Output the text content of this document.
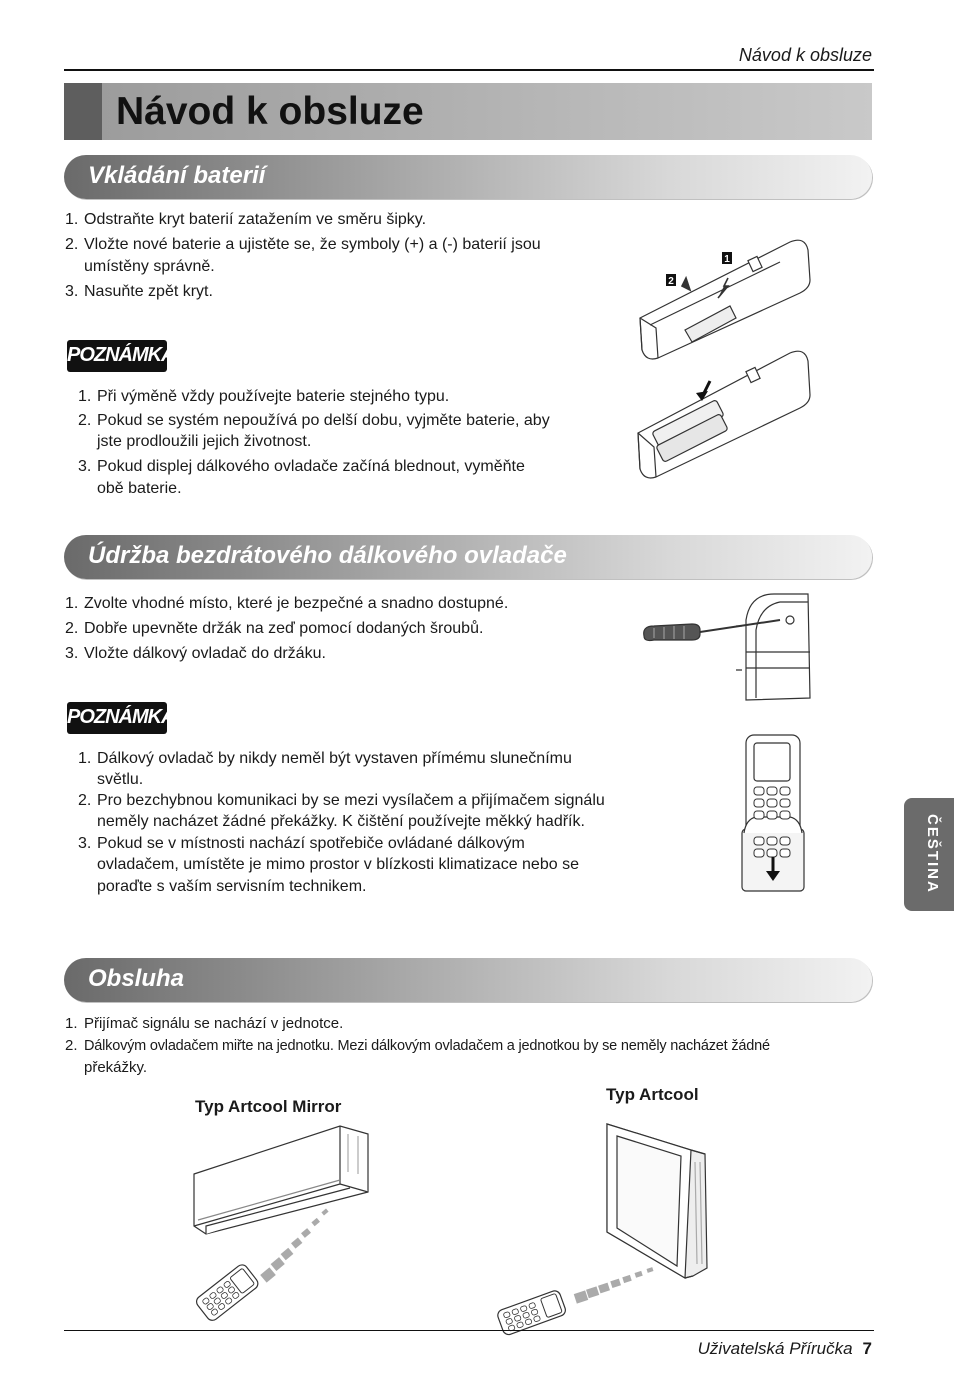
Návod k obsluze
Návod k obsluze
Vkládání baterií
1. Odstraňte kryt baterií zatažením ve směru šipky.
2. Vložte nové baterie a ujistěte se, že symboly (+) a (-) baterií jsou
umístěny správně.
3. Nasuňte zpět kryt.
POZNÁMKA
1. Při výměně vždy používejte baterie stejného typu.
2. Pokud se systém nepoužívá po delší dobu, vyjměte baterie, aby
jste prodloužili jejich životnost.
3. Pokud displej dálkového ovladače začíná blednout, vyměňte
obě baterie.
1
2
Údržba bezdrátového dálkového ovladače
1. Zvolte vhodné místo, které je bezpečné a snadno dostupné.
2. Dobře upevněte držák na zeď pomocí dodaných šroubů.
3. Vložte dálkový ovladač do držáku.
POZNÁMKA
1. Dálkový ovladač by nikdy neměl být vystaven přímému slunečnímu
světlu.
2. Pro bezchybnou komunikaci by se mezi vysílačem a přijímačem signálu
neměly nacházet žádné překážky. K čištění používejte měkký hadřík.
3. Pokud se v místnosti nachází spotřebiče ovládané dálkovým
ovladačem, umístěte je mimo prostor v blízkosti klimatizace nebo se
poraďte s vaším servisním technikem.	ČEŠTINA
Obsluha
1. Přijímač signálu se nachází v jednotce.
2. Dálkovým ovladačem miřte na jednotku. Mezi dálkovým ovladačem a jednotkou by se neměly nacházet žádné
překážky.
Typ Artcool Mirror
Typ Artcool
Uživatelská Příručka 7
